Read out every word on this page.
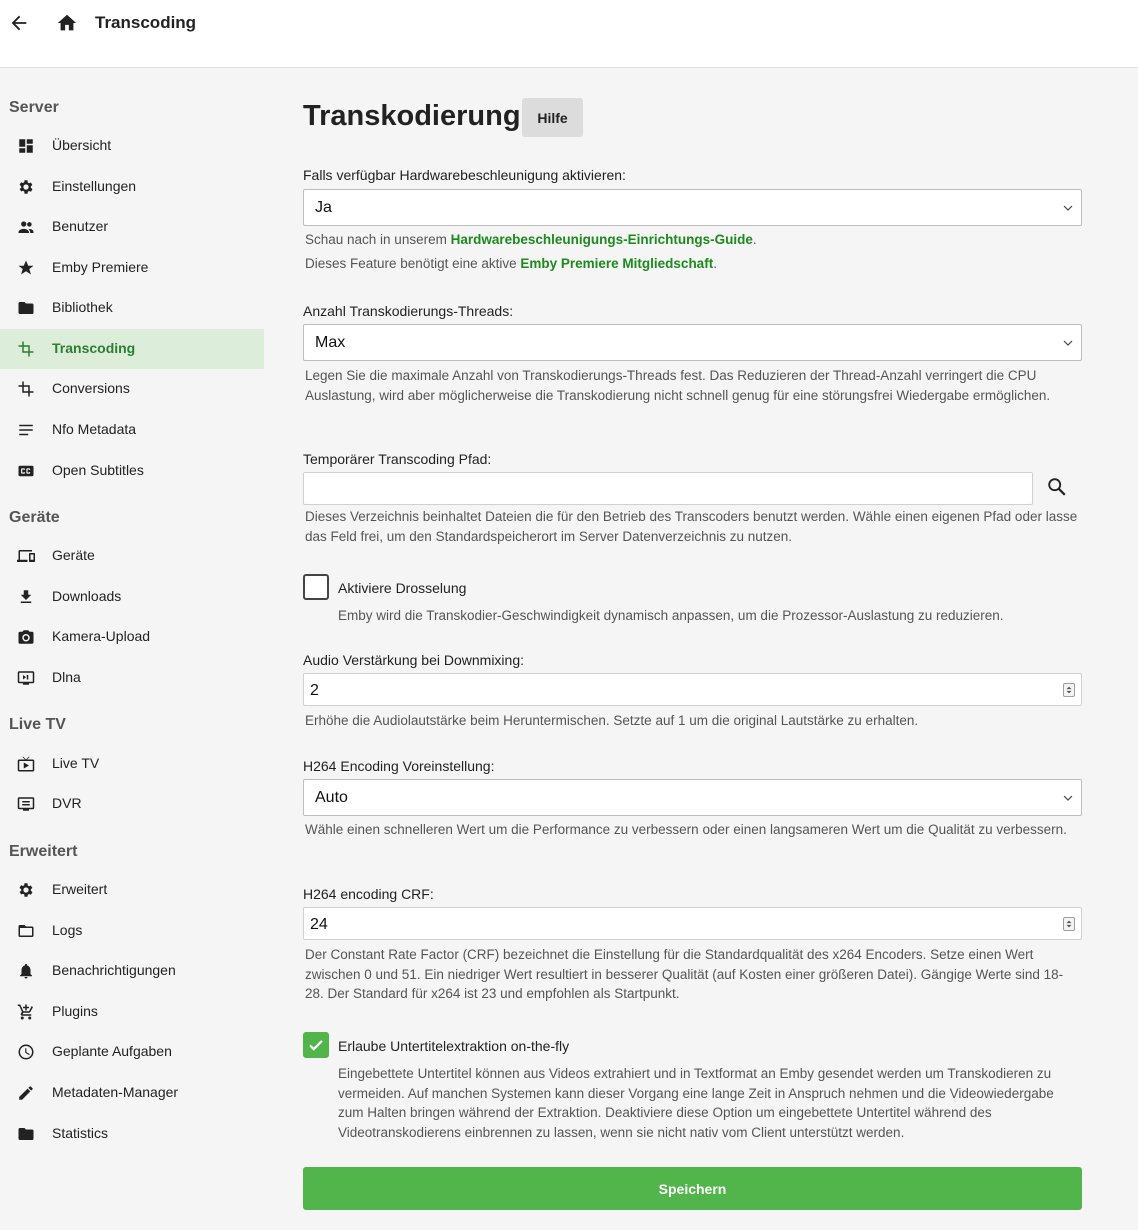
Transcoding
Server
Übersicht
Einstellungen
Benutzer
Emby Premiere
Bibliothek
Transcoding
Conversions
Nfo Metadata
Open Subtitles
Geräte
Geräte
Downloads
Kamera-Upload
Dlna
Live TV
Live TV
DVR
Erweitert
Erweitert
Logs
Benachrichtigungen
Plugins
Geplante Aufgaben
Metadaten-Manager
Statistics
Transkodierung	Hilfe
Falls verfügbar Hardwarebeschleunigung aktivieren:
Ja
Schau nach in unserem Hardwarebeschleunigungs-Einrichtungs-Guide.
Dieses Feature benötigt eine aktive Emby Premiere Mitgliedschaft.
Anzahl Transkodierungs-Threads:
Max
Legen Sie die maximale Anzahl von Transkodierungs-Threads fest. Das Reduzieren der Thread-Anzahl verringert die CPU Auslastung, wird aber möglicherweise die Transkodierung nicht schnell genug für eine störungsfrei Wiedergabe ermöglichen.
Temporärer Transcoding Pfad:
Dieses Verzeichnis beinhaltet Dateien die für den Betrieb des Transcoders benutzt werden. Wähle einen eigenen Pfad oder lasse das Feld frei, um den Standardspeicherort im Server Datenverzeichnis zu nutzen.
Aktiviere Drosselung
Emby wird die Transkodier-Geschwindigkeit dynamisch anpassen, um die Prozessor-Auslastung zu reduzieren.
Audio Verstärkung bei Downmixing:
2
Erhöhe die Audiolautstärke beim Heruntermischen. Setzte auf 1 um die original Lautstärke zu erhalten.
H264 Encoding Voreinstellung:
Auto
Wähle einen schnelleren Wert um die Performance zu verbessern oder einen langsameren Wert um die Qualität zu verbessern.
H264 encoding CRF:
24
Der Constant Rate Factor (CRF) bezeichnet die Einstellung für die Standardqualität des x264 Encoders. Setze einen Wert zwischen 0 und 51. Ein niedriger Wert resultiert in besserer Qualität (auf Kosten einer größeren Datei). Gängige Werte sind 18-28. Der Standard für x264 ist 23 und empfohlen als Startpunkt.
Erlaube Untertitelextraktion on-the-fly
Eingebettete Untertitel können aus Videos extrahiert und in Textformat an Emby gesendet werden um Transkodieren zu vermeiden. Auf manchen Systemen kann dieser Vorgang eine lange Zeit in Anspruch nehmen und die Videowiedergabe zum Halten bringen während der Extraktion. Deaktiviere diese Option um eingebettete Untertitel während des Videotranskodierens einbrennen zu lassen, wenn sie nicht nativ vom Client unterstützt werden.
Speichern
